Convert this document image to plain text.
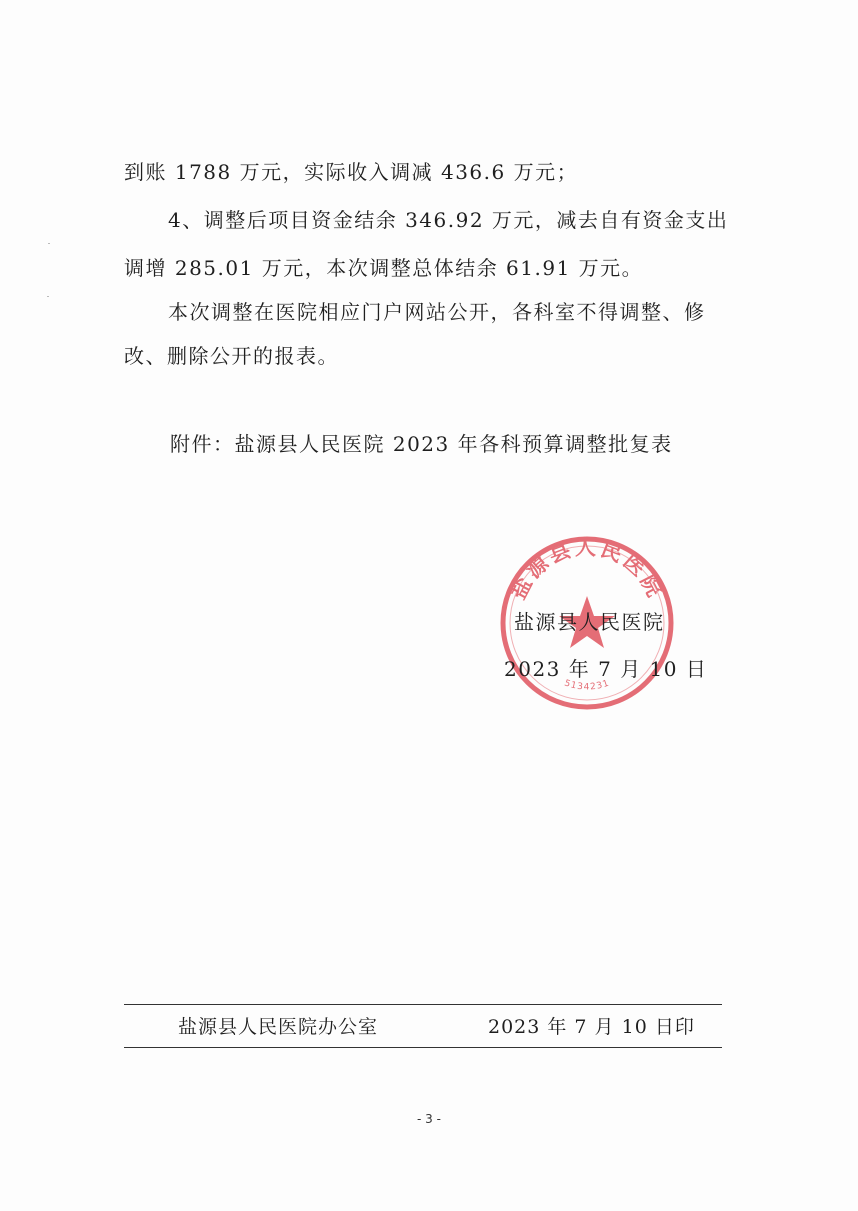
到账 1788 万元，实际收入调减 436.6 万元；
4、调整后项目资金结余 346.92 万元，减去自有资金支出
调增 285.01 万元，本次调整总体结余 61.91 万元。
本次调整在医院相应门户网站公开，各科室不得调整、修
改、删除公开的报表。
附件：盐源县人民医院 2023 年各科预算调整批复表
盐源县人民医院
5134231
盐源县人民医院
2023 年 7 月 10 日
盐源县人民医院办公室	2023 年 7 月 10 日印
- 3 -
